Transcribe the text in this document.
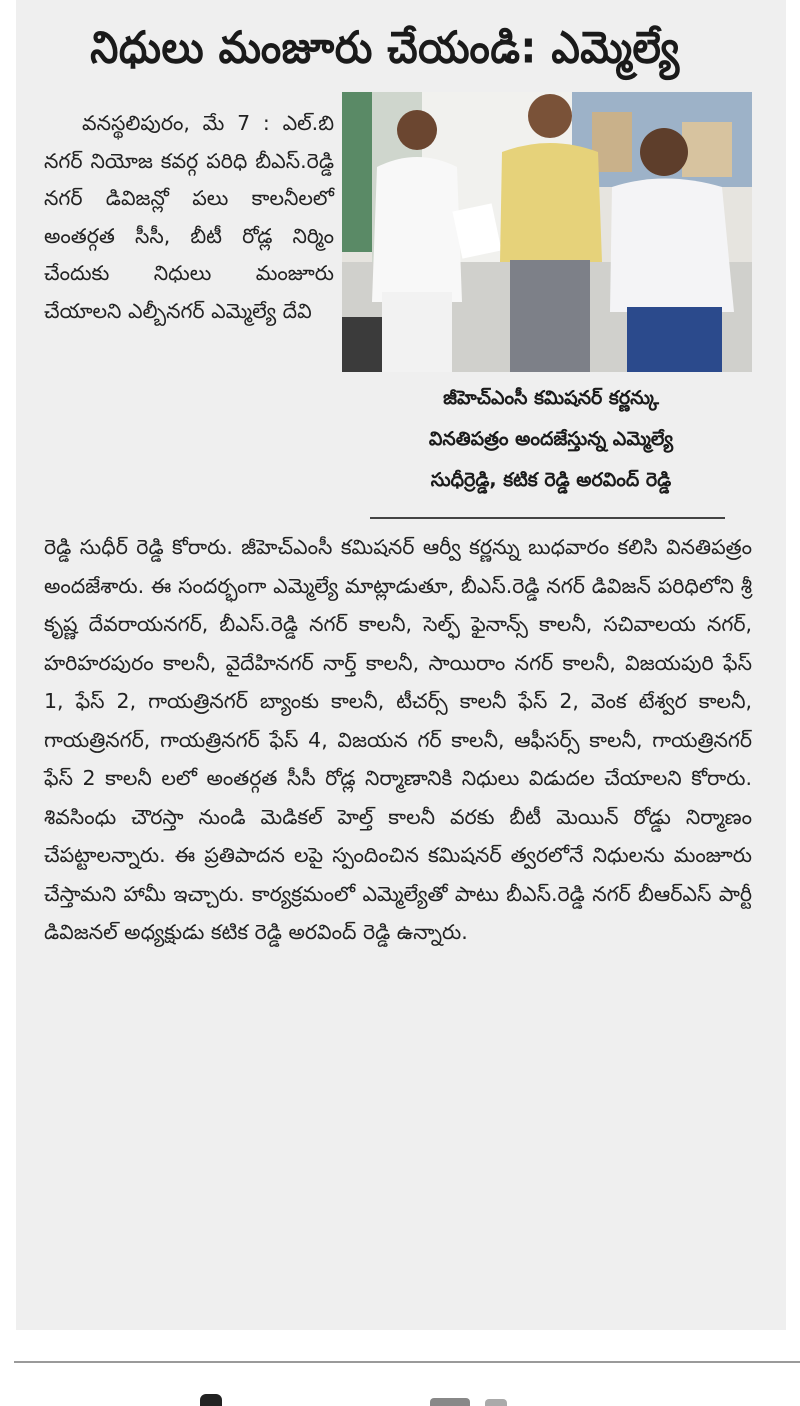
నిధులు మంజూరు చేయండి: ఎమ్మెల్యే
వనస్థలిపురం, మే 7 : ఎల్.బి నగర్ నియోజ కవర్గ పరిధి బీఎస్.రెడ్డి నగర్ డివిజన్లో పలు కాలనీలలో అంతర్గత సీసీ, బీటీ రోడ్ల నిర్మిం చేందుకు నిధులు మంజూరు చేయాలని ఎల్బీనగర్ ఎమ్మెల్యే దేవి
జీహెచ్ఎంసీ కమిషనర్ కర్ణన్కు
వినతిపత్రం అందజేస్తున్న ఎమ్మెల్యే
సుధీర్రెడ్డి, కటిక రెడ్డి అరవింద్ రెడ్డి
రెడ్డి సుధీర్ రెడ్డి కోరారు. జీహెచ్ఎంసీ కమిషనర్ ఆర్వీ కర్ణన్ను బుధవారం కలిసి వినతిపత్రం అందజేశారు. ఈ సందర్భంగా ఎమ్మెల్యే మాట్లాడుతూ, బీఎస్.రెడ్డి నగర్ డివిజన్ పరిధిలోని శ్రీ కృష్ణ దేవరాయనగర్, బీఎస్.రెడ్డి నగర్ కాలనీ, సెల్ఫ్ ఫైనాన్స్ కాలనీ, సచివాలయ నగర్, హరిహరపురం కాలనీ, వైదేహినగర్ నార్త్ కాలనీ, సాయిరాం నగర్ కాలనీ, విజయపురి ఫేస్ 1, ఫేస్ 2, గాయత్రినగర్ బ్యాంకు కాలనీ, టీచర్స్ కాలనీ ఫేస్ 2, వెంక టేశ్వర కాలనీ, గాయత్రినగర్, గాయత్రినగర్ ఫేస్ 4, విజయన గర్ కాలనీ, ఆఫీసర్స్ కాలనీ, గాయత్రినగర్ ఫేస్ 2 కాలనీ లలో అంతర్గత సీసీ రోడ్ల నిర్మాణానికి నిధులు విడుదల చేయాలని కోరారు. శివసింధు చౌరస్తా నుండి మెడికల్ హెల్త్ కాలనీ వరకు బీటీ మెయిన్ రోడ్డు నిర్మాణం చేపట్టాలన్నారు. ఈ ప్రతిపాదన లపై స్పందించిన కమిషనర్ త్వరలోనే నిధులను మంజూరు చేస్తామని హామీ ఇచ్చారు. కార్యక్రమంలో ఎమ్మెల్యేతో పాటు బీఎస్.రెడ్డి నగర్ బీఆర్ఎస్ పార్టీ డివిజనల్ అధ్యక్షుడు కటిక రెడ్డి అరవింద్ రెడ్డి ఉన్నారు.
